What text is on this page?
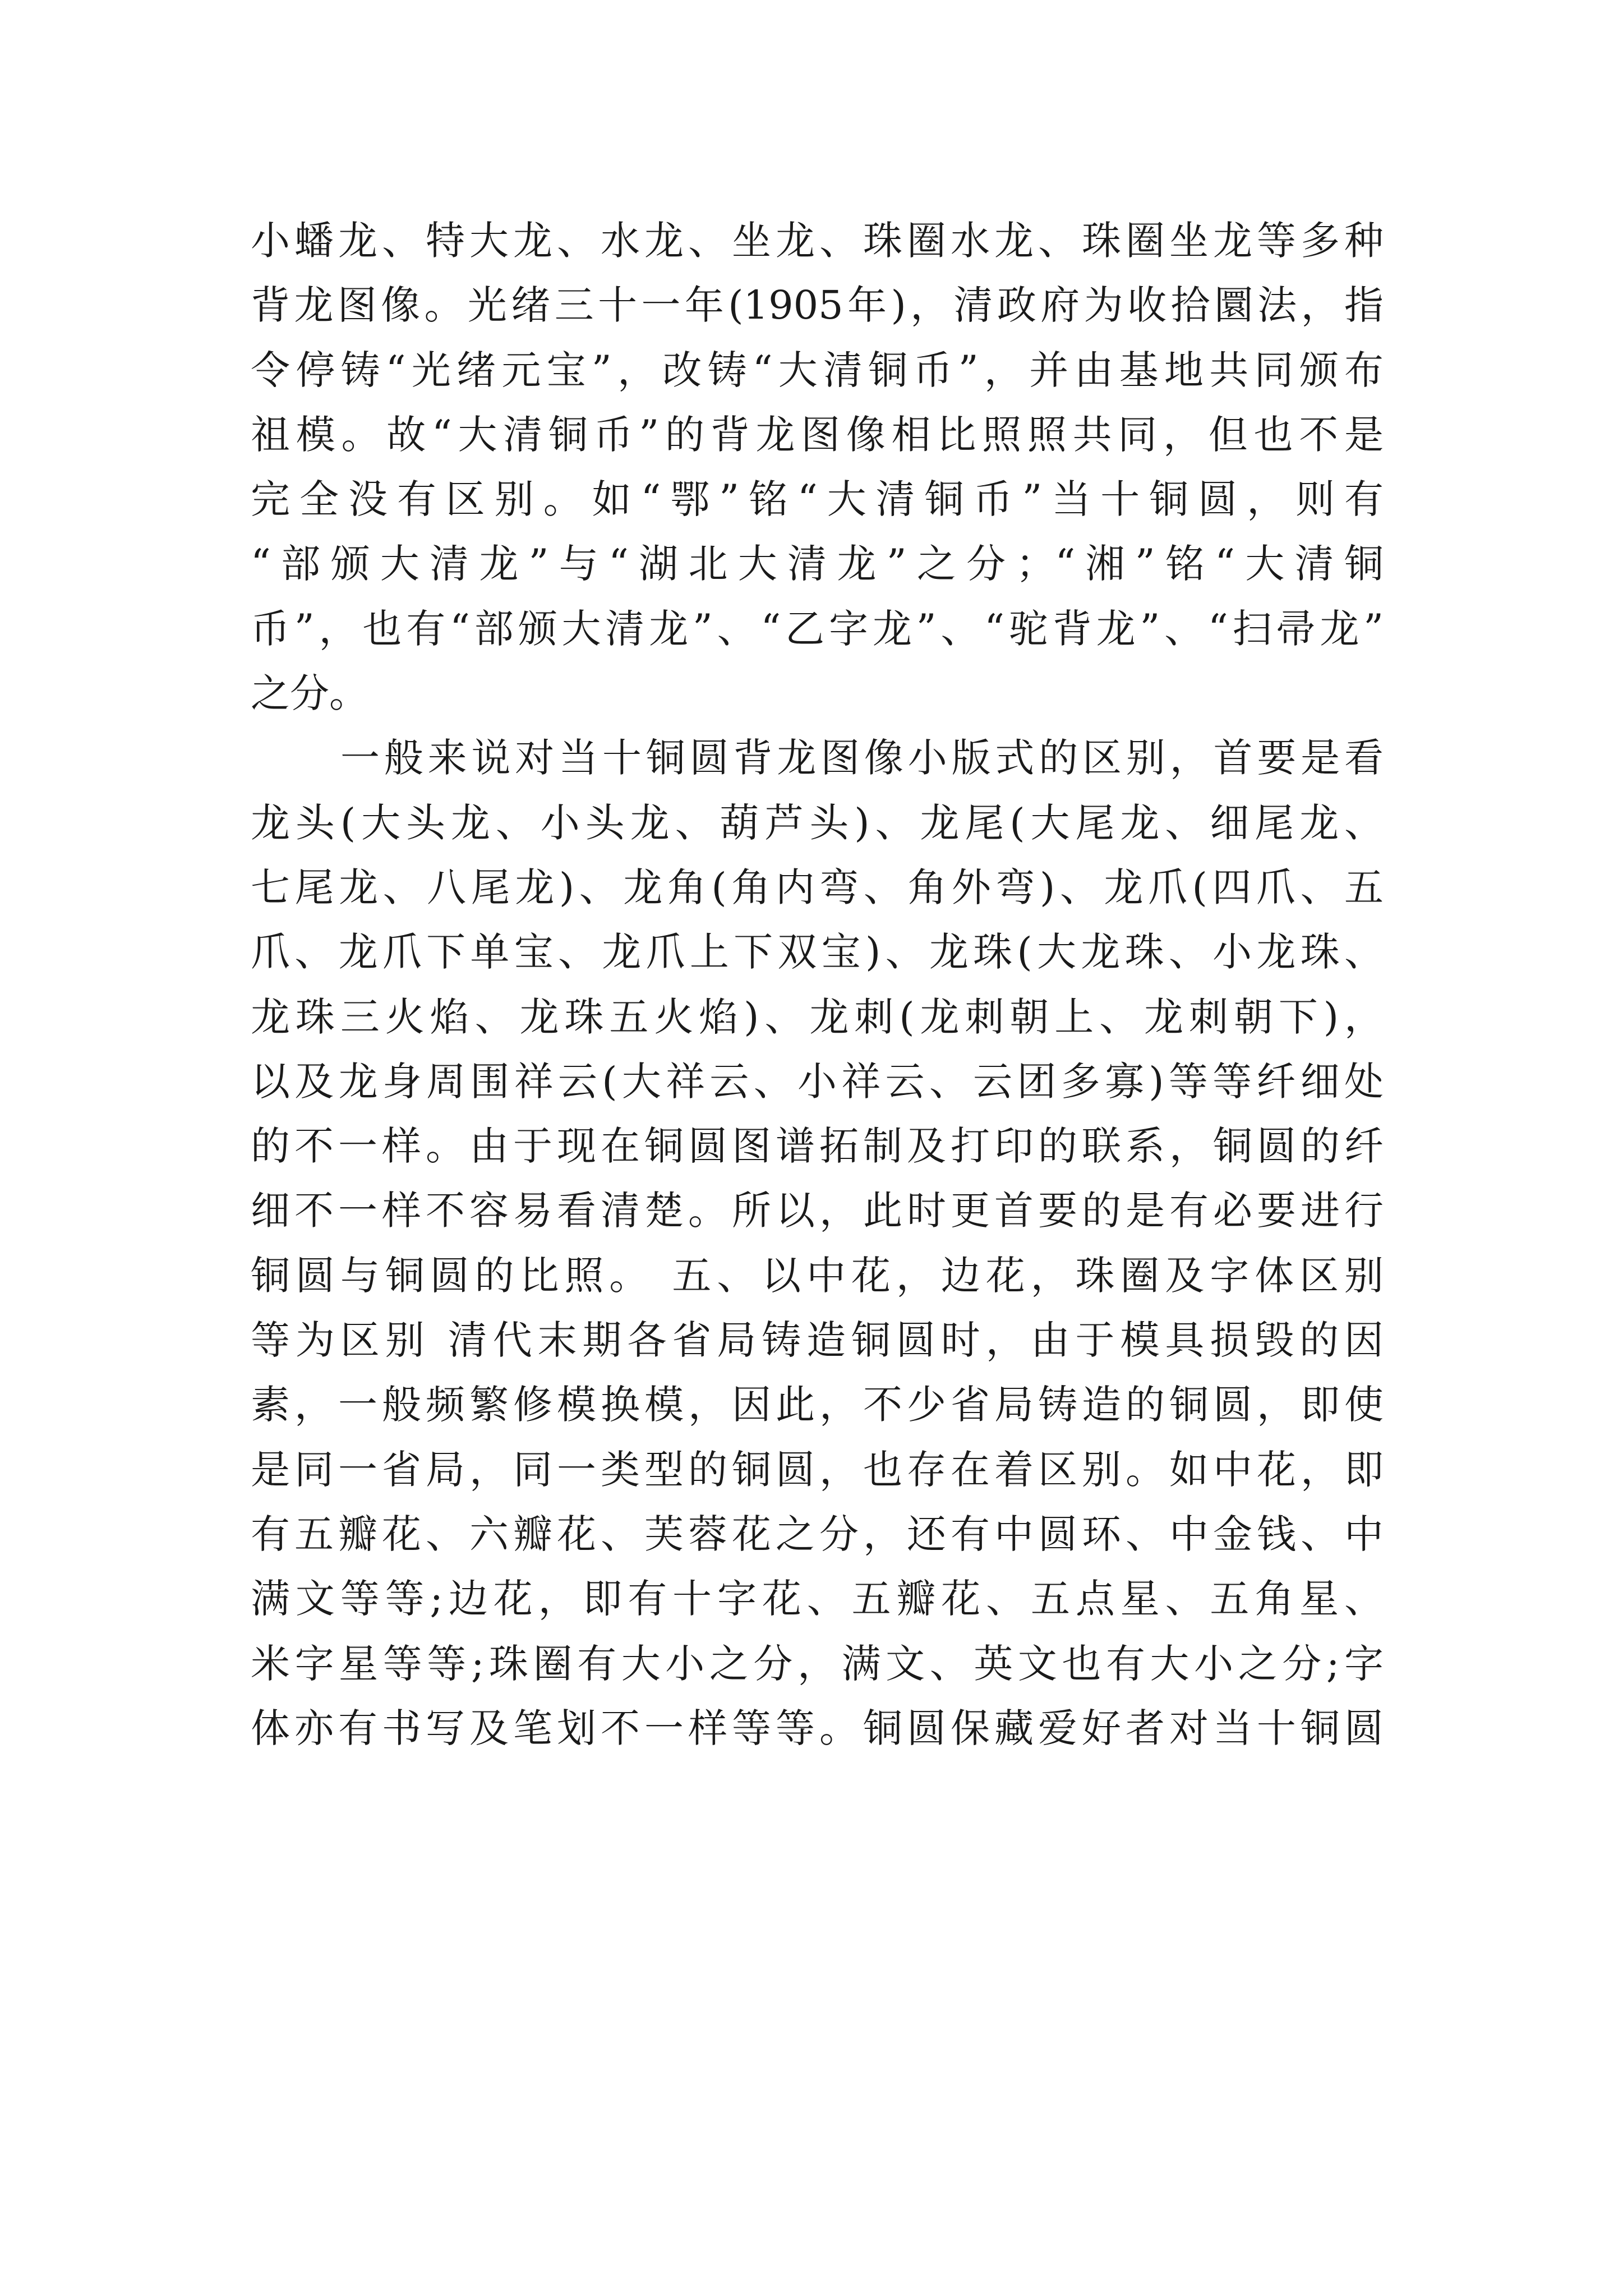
小蟠龙、特大龙、水龙、坐龙、珠圈水龙、珠圈坐龙等多种
背龙图像。光绪三十一年(1905年)，清政府为收拾圜法，指
令停铸“光绪元宝”，改铸“大清铜币”，并由基地共同颁布
祖模。故“大清铜币”的背龙图像相比照照共同，但也不是
完全没有区别。如“鄂”铭“大清铜币”当十铜圆，则有
“部颁大清龙”与“湖北大清龙”之分；“湘”铭“大清铜
币”，也有“部颁大清龙”、“乙字龙”、“驼背龙”、“扫帚龙”
之分。
一般来说对当十铜圆背龙图像小版式的区别，首要是看
龙头(大头龙、小头龙、葫芦头)、龙尾(大尾龙、细尾龙、
七尾龙、八尾龙)、龙角(角内弯、角外弯)、龙爪(四爪、五
爪、龙爪下单宝、龙爪上下双宝)、龙珠(大龙珠、小龙珠、
龙珠三火焰、龙珠五火焰)、龙刺(龙刺朝上、龙刺朝下)，
以及龙身周围祥云(大祥云、小祥云、云团多寡)等等纤细处
的不一样。由于现在铜圆图谱拓制及打印的联系，铜圆的纤
细不一样不容易看清楚。所以，此时更首要的是有必要进行
铜圆与铜圆的比照。 五、以中花，边花，珠圈及字体区别
等为区别 清代末期各省局铸造铜圆时，由于模具损毁的因
素，一般频繁修模换模，因此，不少省局铸造的铜圆，即使
是同一省局，同一类型的铜圆，也存在着区别。如中花，即
有五瓣花、六瓣花、芙蓉花之分，还有中圆环、中金钱、中
满文等等;边花，即有十字花、五瓣花、五点星、五角星、
米字星等等;珠圈有大小之分，满文、英文也有大小之分;字
体亦有书写及笔划不一样等等。铜圆保藏爱好者对当十铜圆
